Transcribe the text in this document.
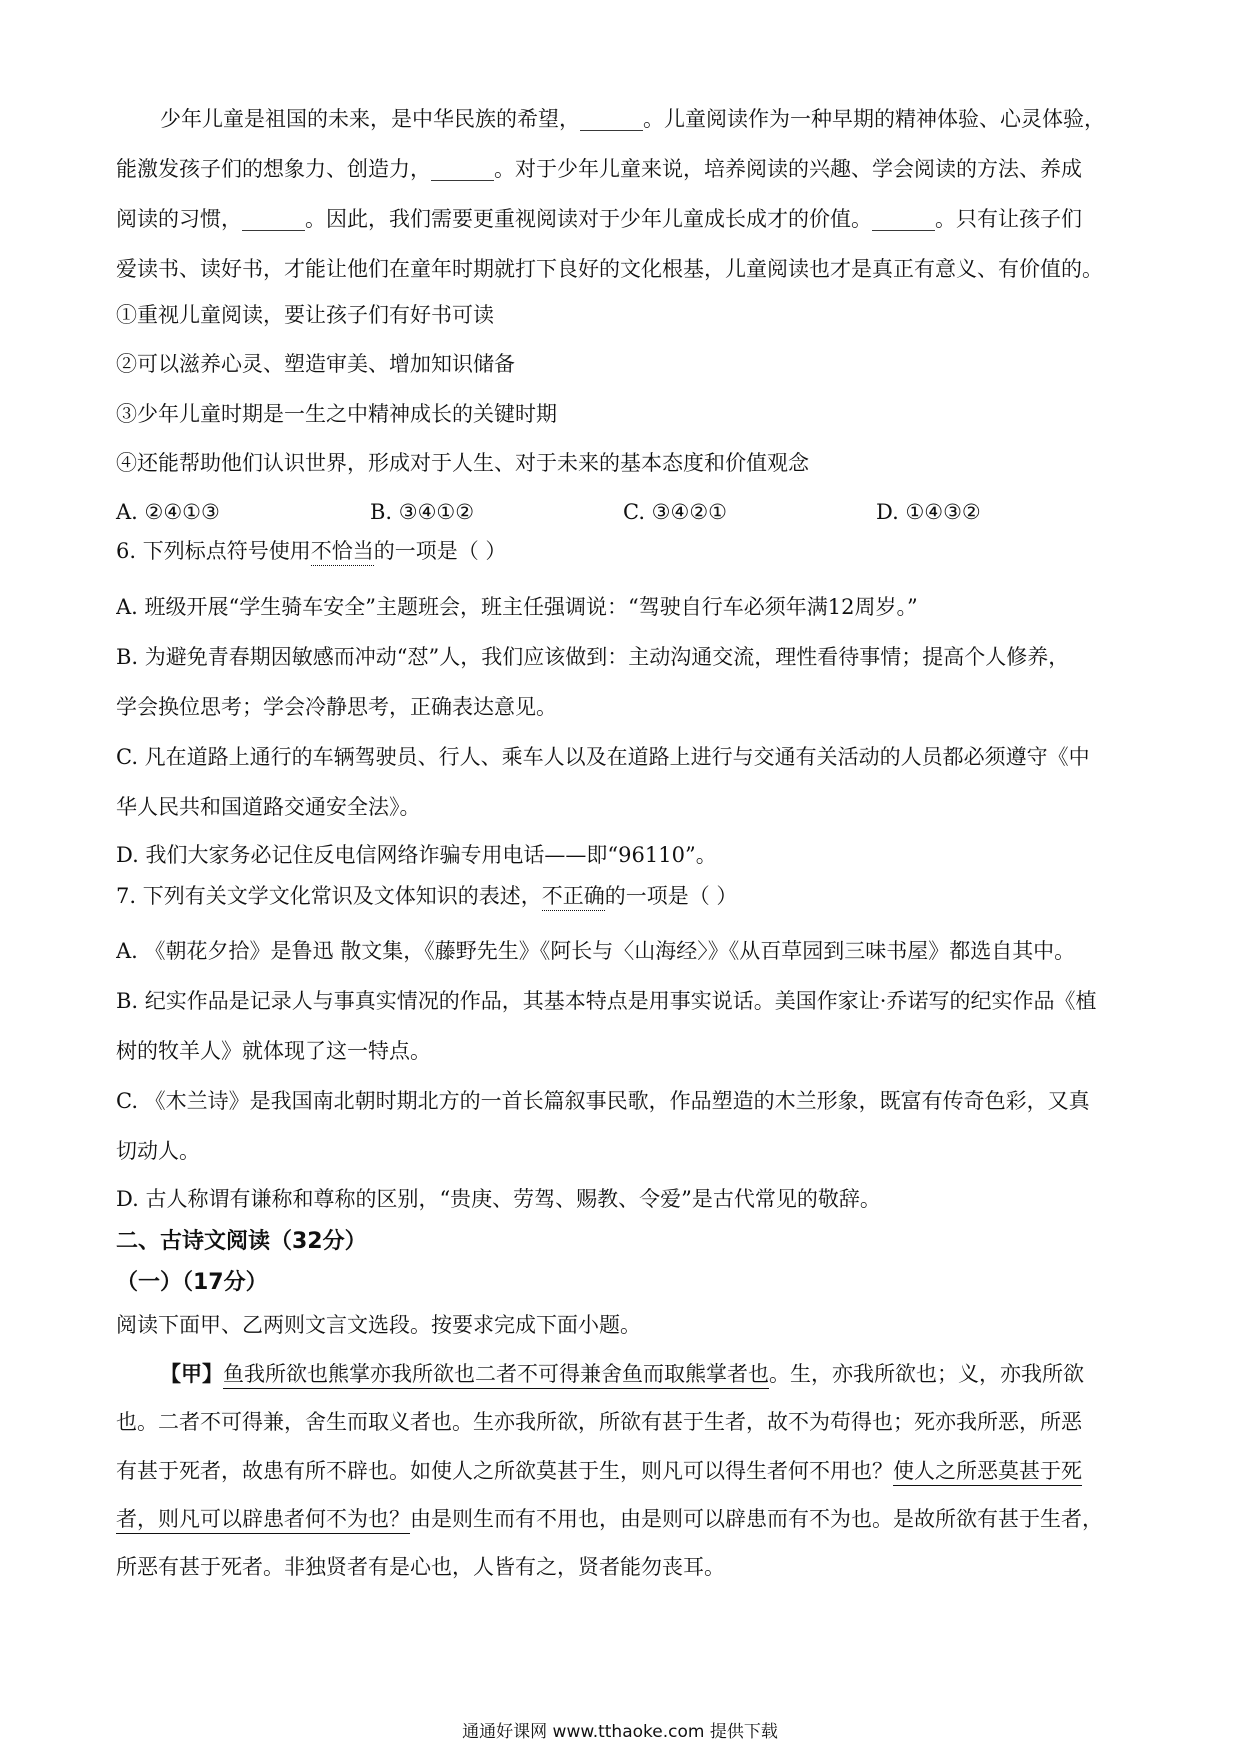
少年儿童是祖国的未来，是中华民族的希望，______。儿童阅读作为一种早期的精神体验、心灵体验，
能激发孩子们的想象力、创造力，______。对于少年儿童来说，培养阅读的兴趣、学会阅读的方法、养成
阅读的习惯，______。因此，我们需要更重视阅读对于少年儿童成长成才的价值。______。只有让孩子们
爱读书、读好书，才能让他们在童年时期就打下良好的文化根基，儿童阅读也才是真正有意义、有价值的。
①重视儿童阅读，要让孩子们有好书可读
②可以滋养心灵、塑造审美、增加知识储备
③少年儿童时期是一生之中精神成长的关键时期
④还能帮助他们认识世界，形成对于人生、对于未来的基本态度和价值观念
A. ②④①③	B. ③④①②	C. ③④②①	D. ①④③②
6. 下列标点符号使用不恰当的一项是（ ）
A. 班级开展“学生骑车安全”主题班会，班主任强调说：“驾驶自行车必须年满12周岁。”
B. 为避免青春期因敏感而冲动“怼”人，我们应该做到：主动沟通交流，理性看待事情；提高个人修养，
学会换位思考；学会冷静思考，正确表达意见。
C. 凡在道路上通行的车辆驾驶员、行人、乘车人以及在道路上进行与交通有关活动的人员都必须遵守《中
华人民共和国道路交通安全法》。
D. 我们大家务必记住反电信网络诈骗专用电话——即“96110”。
7. 下列有关文学文化常识及文体知识的表述，不正确的一项是（ ）
A. 《朝花夕拾》是鲁迅 散文集，《藤野先生》《阿长与〈山海经〉》《从百草园到三味书屋》都选自其中。
B. 纪实作品是记录人与事真实情况的作品，其基本特点是用事实说话。美国作家让·乔诺写的纪实作品《植
树的牧羊人》就体现了这一特点。
C. 《木兰诗》是我国南北朝时期北方的一首长篇叙事民歌，作品塑造的木兰形象，既富有传奇色彩，又真
切动人。
D. 古人称谓有谦称和尊称的区别，“贵庚、劳驾、赐教、令爱”是古代常见的敬辞。
二、古诗文阅读（32分）
（一）（17分）
阅读下面甲、乙两则文言文选段。按要求完成下面小题。
【甲】鱼我所欲也熊掌亦我所欲也二者不可得兼舍鱼而取熊掌者也。生，亦我所欲也；义，亦我所欲
也。二者不可得兼，舍生而取义者也。生亦我所欲，所欲有甚于生者，故不为苟得也；死亦我所恶，所恶
有甚于死者，故患有所不辟也。如使人之所欲莫甚于生，则凡可以得生者何不用也？使人之所恶莫甚于死
者，则凡可以辟患者何不为也？由是则生而有不用也，由是则可以辟患而有不为也。是故所欲有甚于生者，
所恶有甚于死者。非独贤者有是心也，人皆有之，贤者能勿丧耳。
通通好课网 www.tthaoke.com 提供下载
